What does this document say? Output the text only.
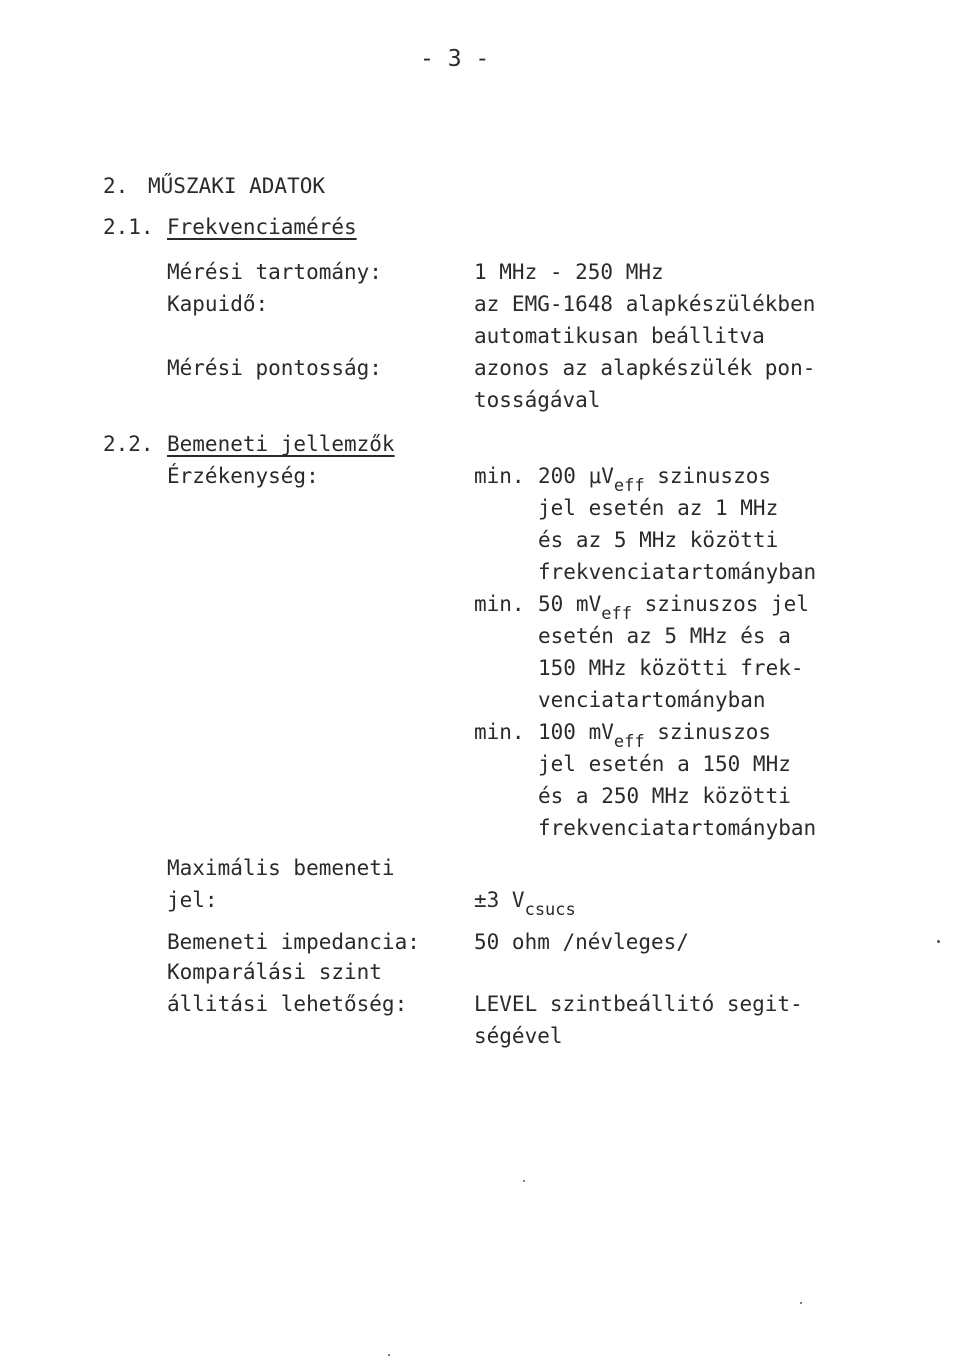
- 3 -
2. MŰSZAKI ADATOK
2.1. Frekvenciamérés
Mérési tartomány:	1 MHz - 250 MHz
Kapuidő:	az EMG-1648 alapkészülékben
automatikusan beállitva
Mérési pontosság:	azonos az alapkészülék pon-
tosságával
2.2. Bemeneti jellemzők
Érzékenység:	min. 200 $\mu V_{eff}$ szinuszos
jel esetén az 1 MHz
és az 5 MHz közötti
frekvenciatartományban
min. 50 $mV_{eff}$ szinuszos jel
esetén az 5 MHz és a
150 MHz közötti frek-
venciatartományban
min. 100 $mV_{eff}$ szinuszos
jel esetén a 150 MHz
és a 250 MHz közötti
frekvenciatartományban
Maximális bemeneti
jel:	±3 $V_{csucs}$
Bemeneti impedancia:	50 ohm /névleges/
Komparálási szint
állitási lehetőség:	LEVEL szintbeállitó segit-
ségével
